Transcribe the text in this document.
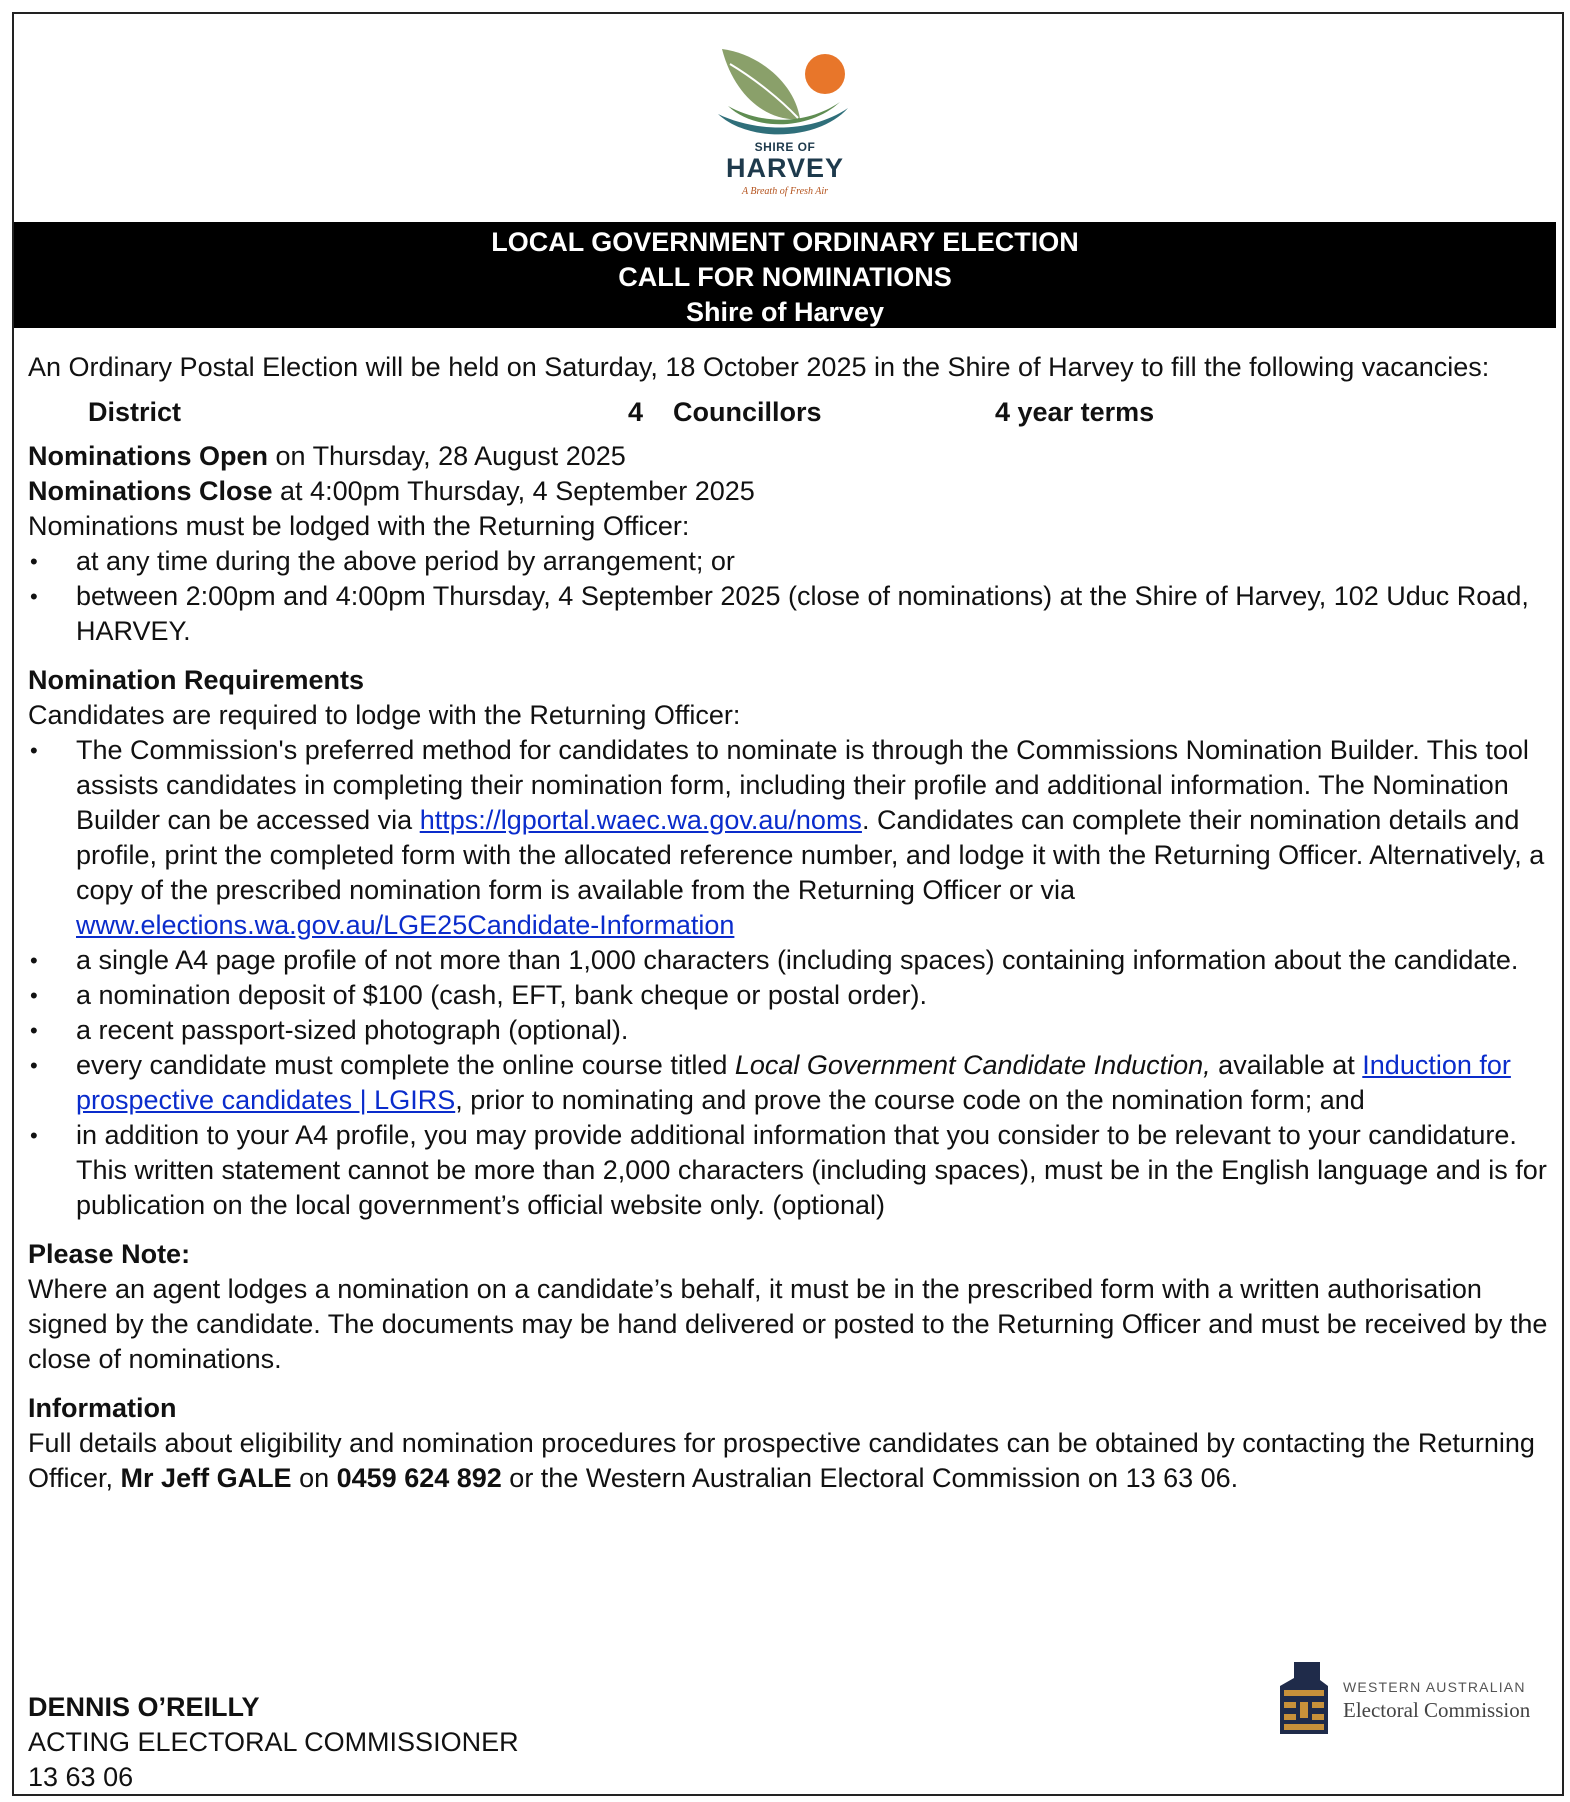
SHIRE OF
HARVEY
A Breath of Fresh Air
LOCAL GOVERNMENT ORDINARY ELECTION
CALL FOR NOMINATIONS
Shire of Harvey

An Ordinary Postal Election will be held on Saturday, 18 October 2025 in the Shire of Harvey to fill the following vacancies:

District	4	Councillors	4 year terms

Nominations Open on Thursday, 28 August 2025

Nominations Close at 4:00pm Thursday, 4 September 2025

Nominations must be lodged with the Returning Officer:

• at any time during the above period by arrangement; or
• between 2:00pm and 4:00pm Thursday, 4 September 2025 (close of nominations) at the Shire of Harvey, 102 Uduc Road, HARVEY.

Nomination Requirements

Candidates are required to lodge with the Returning Officer:

• The Commission's preferred method for candidates to nominate is through the Commissions Nomination Builder. This tool assists candidates in completing their nomination form, including their profile and additional information. The Nomination Builder can be accessed via https://lgportal.waec.wa.gov.au/noms. Candidates can complete their nomination details and profile, print the completed form with the allocated reference number, and lodge it with the Returning Officer. Alternatively, a copy of the prescribed nomination form is available from the Returning Officer or via www.elections.wa.gov.au/LGE25Candidate-Information
• a single A4 page profile of not more than 1,000 characters (including spaces) containing information about the candidate.
• a nomination deposit of $100 (cash, EFT, bank cheque or postal order).
• a recent passport-sized photograph (optional).
• every candidate must complete the online course titled Local Government Candidate Induction, available at Induction for prospective candidates | LGIRS, prior to nominating and prove the course code on the nomination form; and
• in addition to your A4 profile, you may provide additional information that you consider to be relevant to your candidature. This written statement cannot be more than 2,000 characters (including spaces), must be in the English language and is for publication on the local government’s official website only. (optional)

Please Note:

Where an agent lodges a nomination on a candidate’s behalf, it must be in the prescribed form with a written authorisation signed by the candidate. The documents may be hand delivered or posted to the Returning Officer and must be received by the close of nominations.

Information

Full details about eligibility and nomination procedures for prospective candidates can be obtained by contacting the Returning Officer, Mr Jeff GALE on 0459 624 892 or the Western Australian Electoral Commission on 13 63 06.

DENNIS O’REILLY

ACTING ELECTORAL COMMISSIONER

13 63 06

WESTERN AUSTRALIAN
Electoral Commission
